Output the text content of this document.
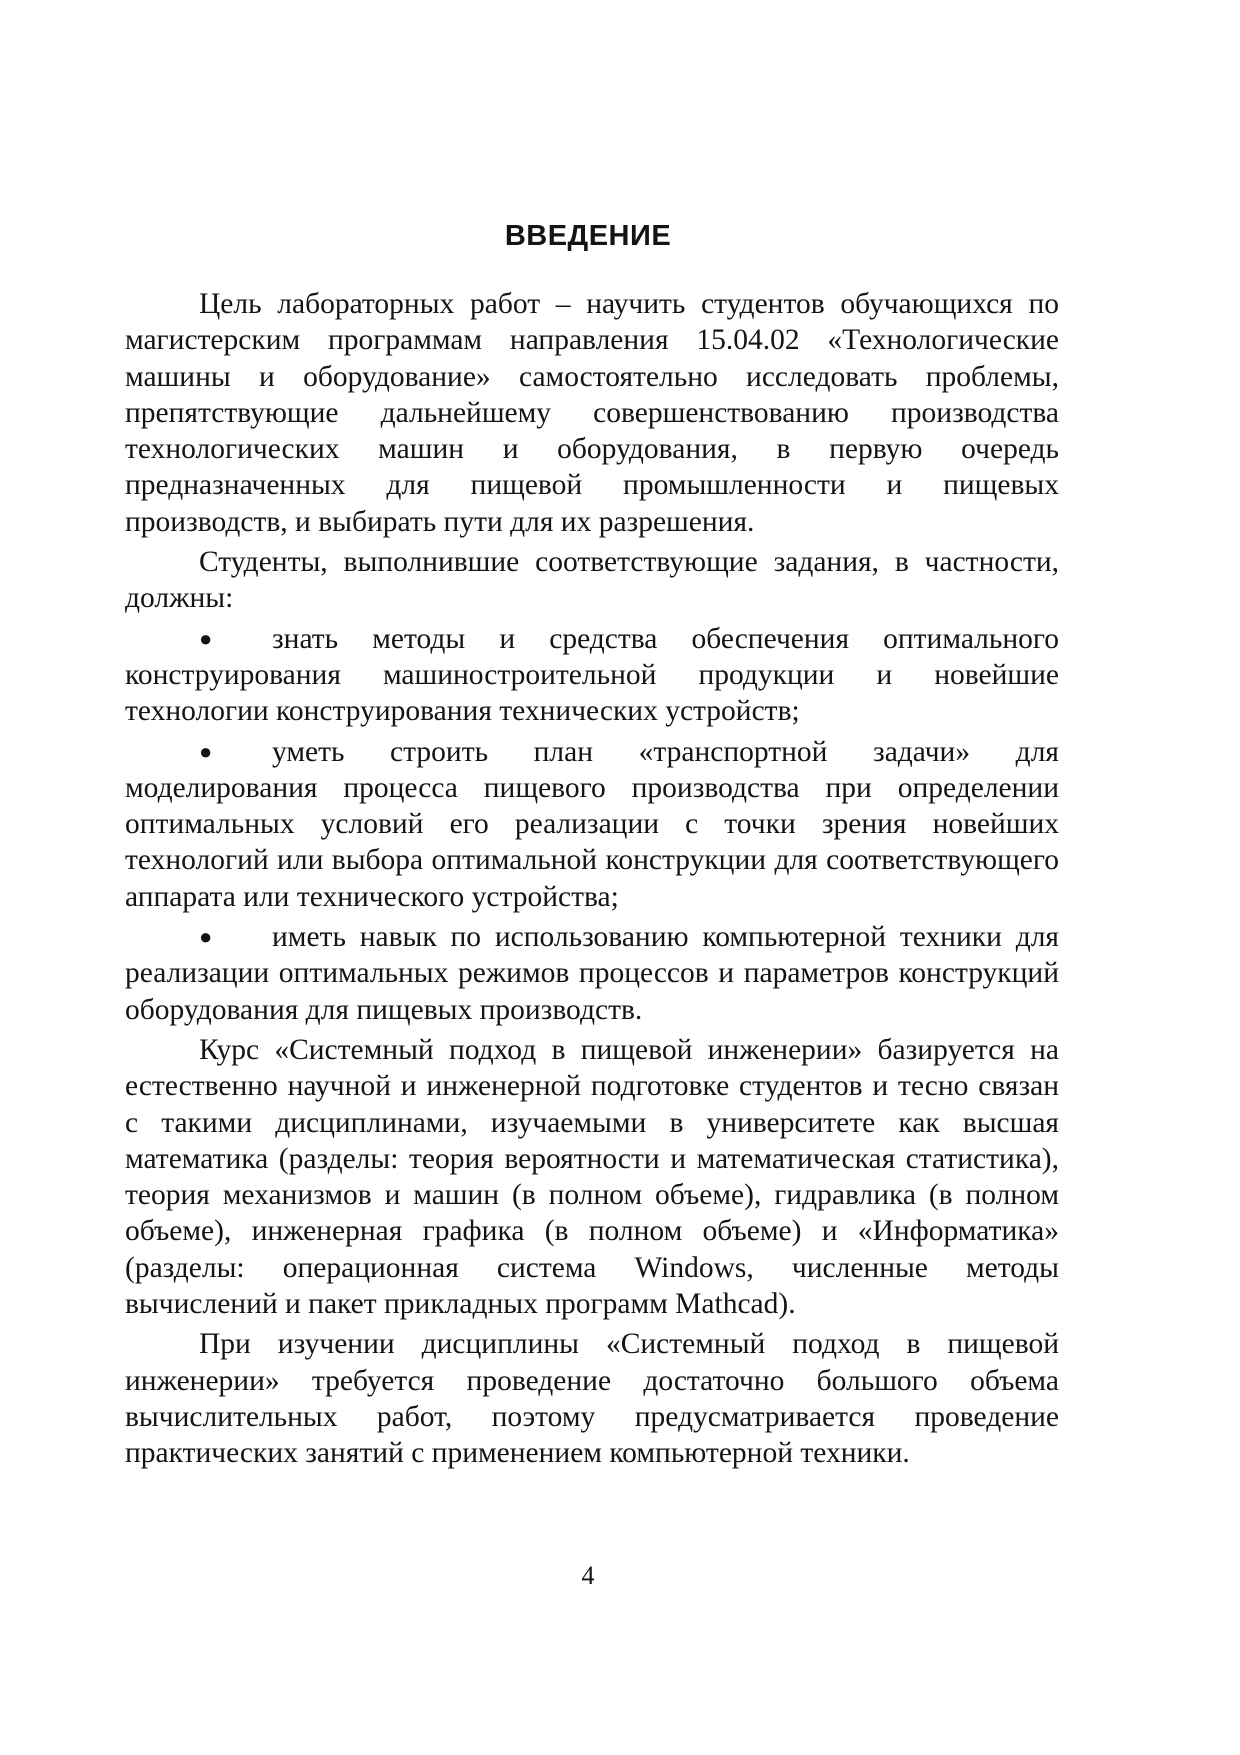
ВВЕДЕНИЕ

Цель лабораторных работ – научить студентов обучающихся по магистерским программам направления 15.04.02 «Технологические машины и оборудование» самостоятельно исследовать проблемы, препятствующие дальнейшему совершенствованию производства технологических машин и оборудования, в первую очередь предназначенных для пищевой промышленности и пищевых производств, и выбирать пути для их разрешения.

Студенты, выполнившие соответствующие задания, в частности, должны:

● знать методы и средства обеспечения оптимального конструирования машиностроительной продукции и новейшие технологии конструирования технических устройств;
● уметь строить план «транспортной задачи» для моделирования процесса пищевого производства при определении оптимальных условий его реализации с точки зрения новейших технологий или выбора оптимальной конструкции для соответствующего аппарата или технического устройства;
● иметь навык по использованию компьютерной техники для реализации оптимальных режимов процессов и параметров конструкций оборудования для пищевых производств.

Курс «Системный подход в пищевой инженерии» базируется на естественно научной и инженерной подготовке студентов и тесно связан с такими дисциплинами, изучаемыми в университете как высшая математика (разделы: теория вероятности и математическая статистика), теория механизмов и машин (в полном объеме), гидравлика (в полном объеме), инженерная графика (в полном объеме) и «Информатика» (разделы: операционная система Windows, численные методы вычислений и пакет прикладных программ Mathcad).

При изучении дисциплины «Системный подход в пищевой инженерии» требуется проведение достаточно большого объема вычислительных работ, поэтому предусматривается проведение практических занятий с применением компьютерной техники.

4
